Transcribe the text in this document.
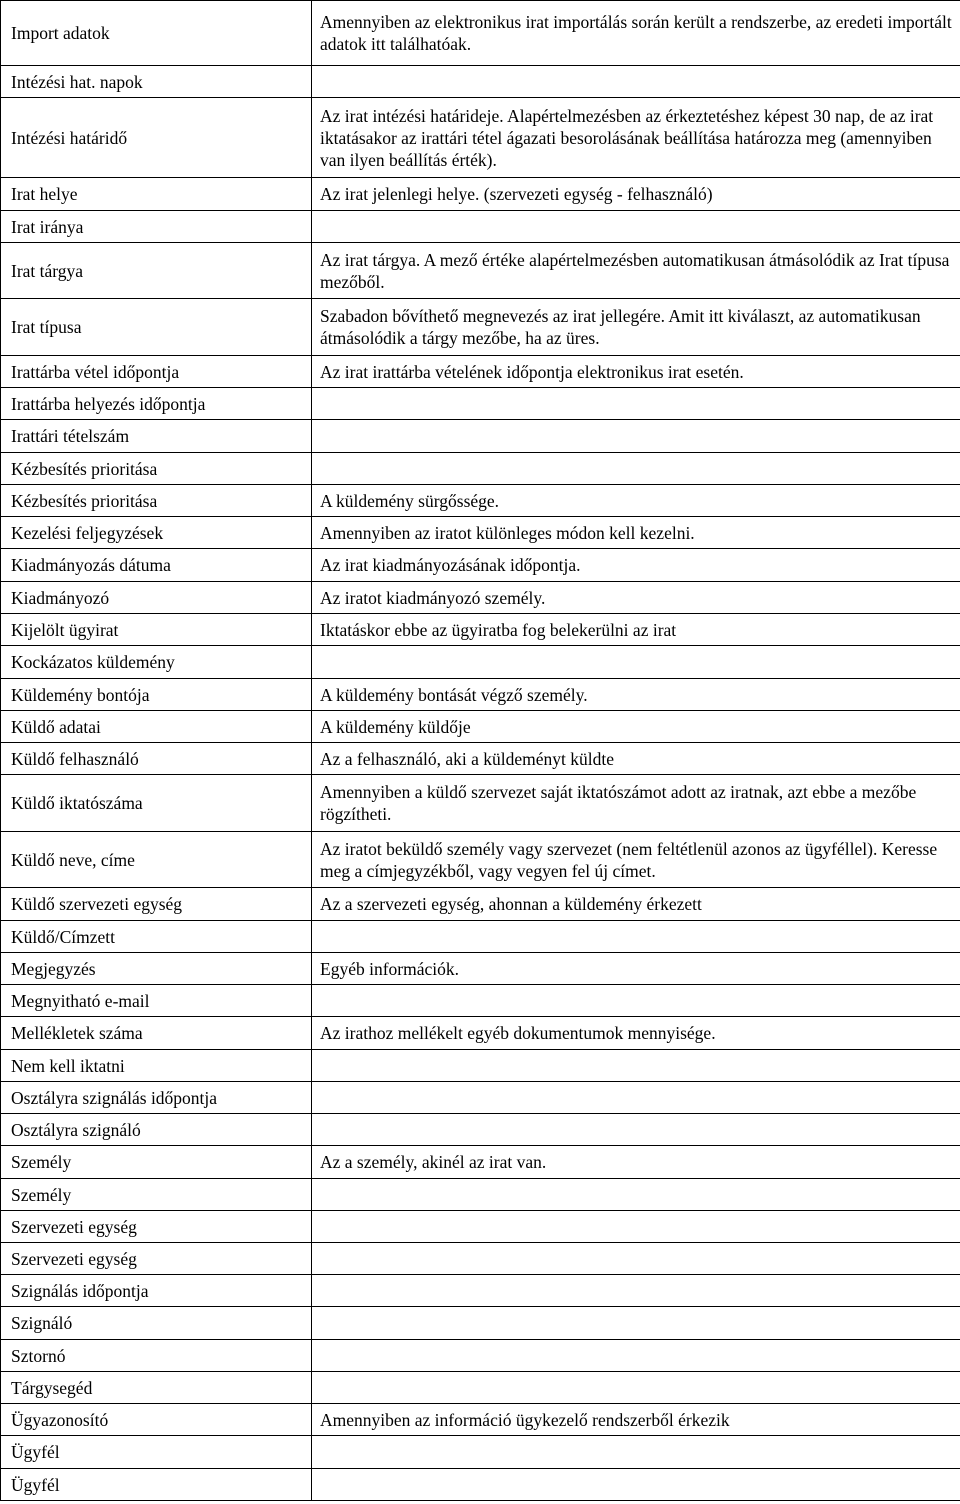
Import adatok	Amennyiben az elektronikus irat importálás során került a rendszerbe, az eredeti importált adatok itt találhatóak.

Intézési hat. napok	

Intézési határidő	Az irat intézési határideje. Alapértelmezésben az érkeztetéshez képest 30 nap, de az irat iktatásakor az irattári tétel ágazati besorolásának beállítása határozza meg (amennyiben van ilyen beállítás érték).

Irat helye	Az irat jelenlegi helye. (szervezeti egység - felhasználó)

Irat iránya	

Irat tárgya	Az irat tárgya. A mező értéke alapértelmezésben automatikusan átmásolódik az Irat típusa mezőből.

Irat típusa	Szabadon bővíthető megnevezés az irat jellegére. Amit itt kiválaszt, az automatikusan átmásolódik a tárgy mezőbe, ha az üres.

Irattárba vétel időpontja	Az irat irattárba vételének időpontja elektronikus irat esetén.

Irattárba helyezés időpontja	

Irattári tételszám	

Kézbesítés prioritása	

Kézbesítés prioritása	A küldemény sürgőssége.

Kezelési feljegyzések	Amennyiben az iratot különleges módon kell kezelni.

Kiadmányozás dátuma	Az irat kiadmányozásának időpontja.

Kiadmányozó	Az iratot kiadmányozó személy.

Kijelölt ügyirat	Iktatáskor ebbe az ügyiratba fog belekerülni az irat

Kockázatos küldemény	

Küldemény bontója	A küldemény bontását végző személy.

Küldő adatai	A küldemény küldője

Küldő felhasználó	Az a felhasználó, aki a küldeményt küldte

Küldő iktatószáma	Amennyiben a küldő szervezet saját iktatószámot adott az iratnak, azt ebbe a mezőbe rögzítheti.

Küldő neve, címe	Az iratot beküldő személy vagy szervezet (nem feltétlenül azonos az ügyféllel). Keresse meg a címjegyzékből, vagy vegyen fel új címet.

Küldő szervezeti egység	Az a szervezeti egység, ahonnan a küldemény érkezett

Küldő/Címzett	

Megjegyzés	Egyéb információk.

Megnyitható e-mail	

Mellékletek száma	Az irathoz mellékelt egyéb dokumentumok mennyisége.

Nem kell iktatni	

Osztályra szignálás időpontja	

Osztályra szignáló	

Személy	Az a személy, akinél az irat van.

Személy	

Szervezeti egység	

Szervezeti egység	

Szignálás időpontja	

Szignáló	

Sztornó	

Tárgysegéd	

Ügyazonosító	Amennyiben az információ ügykezelő rendszerből érkezik

Ügyfél	

Ügyfél	
